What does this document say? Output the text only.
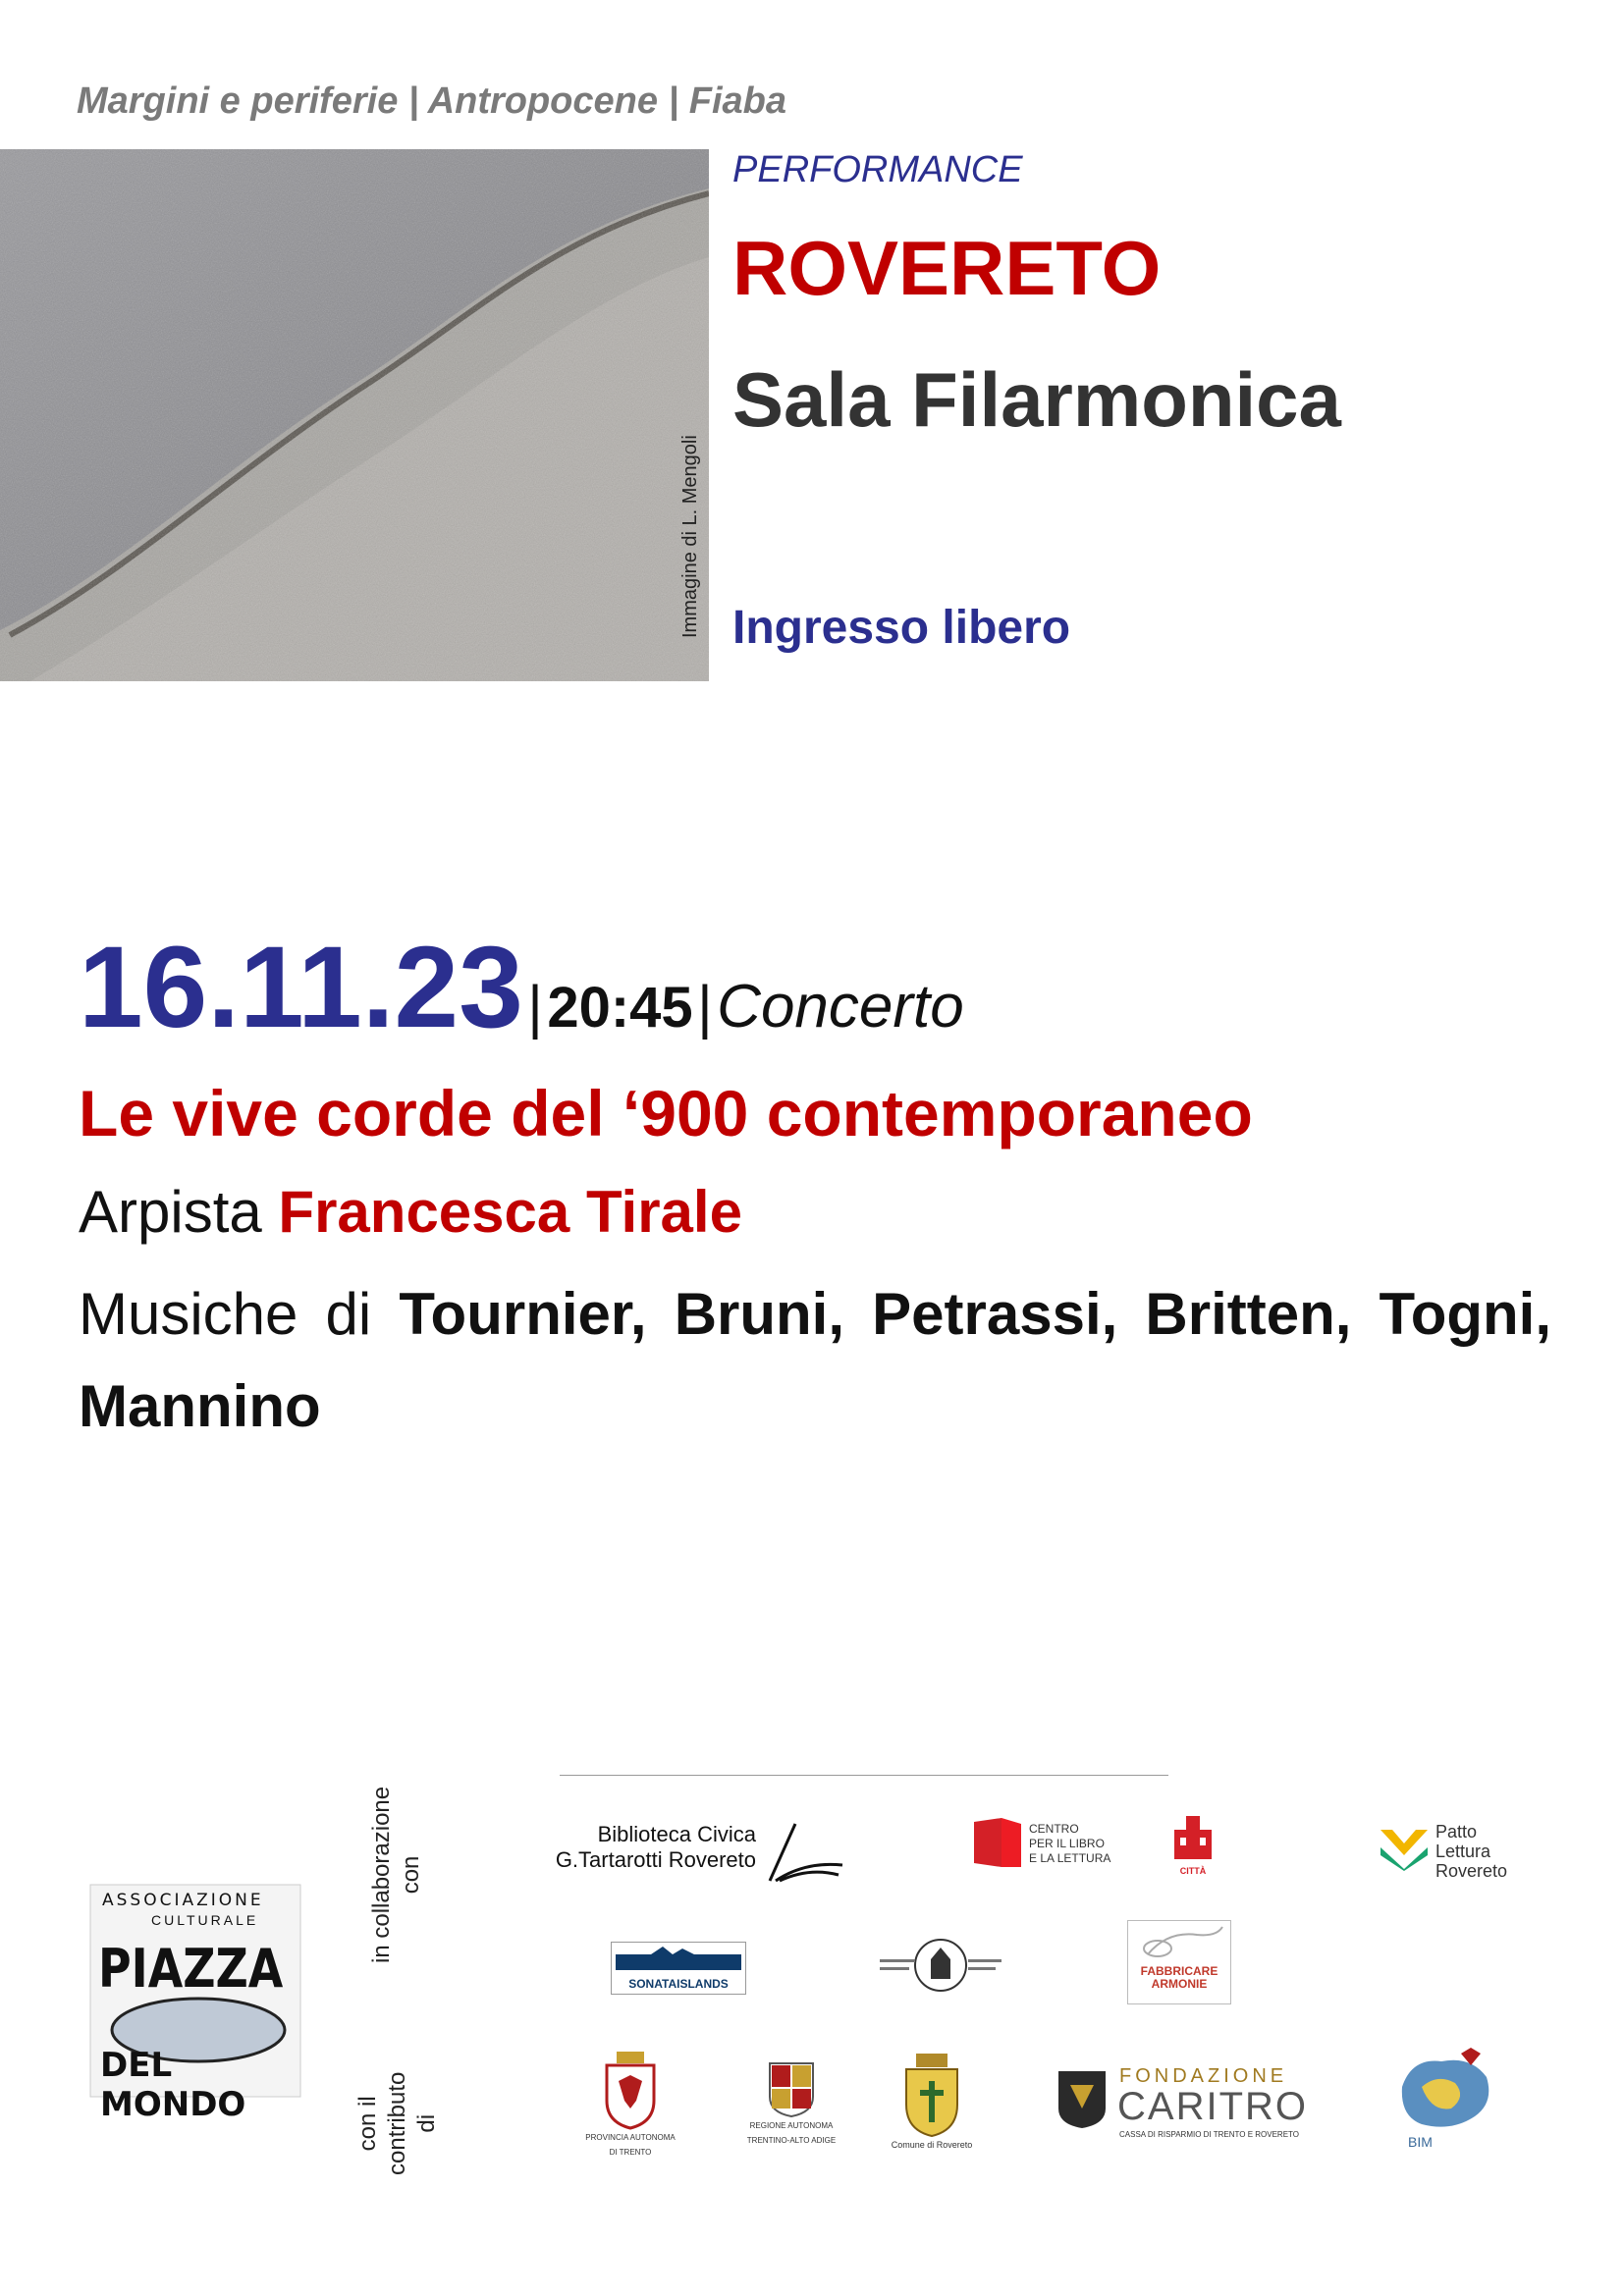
Margini e periferie | Antropocene | Fiaba
Immagine di L. Mengoli
PERFORMANCE
ROVERETO
Sala Filarmonica
Ingresso libero
16.11.23 | 20:45 | Concerto
Le vive corde del ‘900 contemporaneo
Arpista Francesca Tirale
Musiche di Tournier, Bruni, Petrassi, Britten, Togni, Mannino
ASSOCIAZIONE
CULTURALE
PIAZZA
DEL MONDO
in collaborazione con
con il contributo di
Biblioteca Civica
G.Tartarotti Rovereto
CENTRO
PER IL LIBRO
E LA LETTURA
CITTÀ
Patto
Lettura
Rovereto
SONATAISLANDS
FABBRICARE
ARMONIE
PROVINCIA AUTONOMA
DI TRENTO
REGIONE AUTONOMA
TRENTINO-ALTO ADIGE	Comune di Rovereto
FONDAZIONE
CARITRO
CASSA DI RISPARMIO DI TRENTO E ROVERETO	BIM
